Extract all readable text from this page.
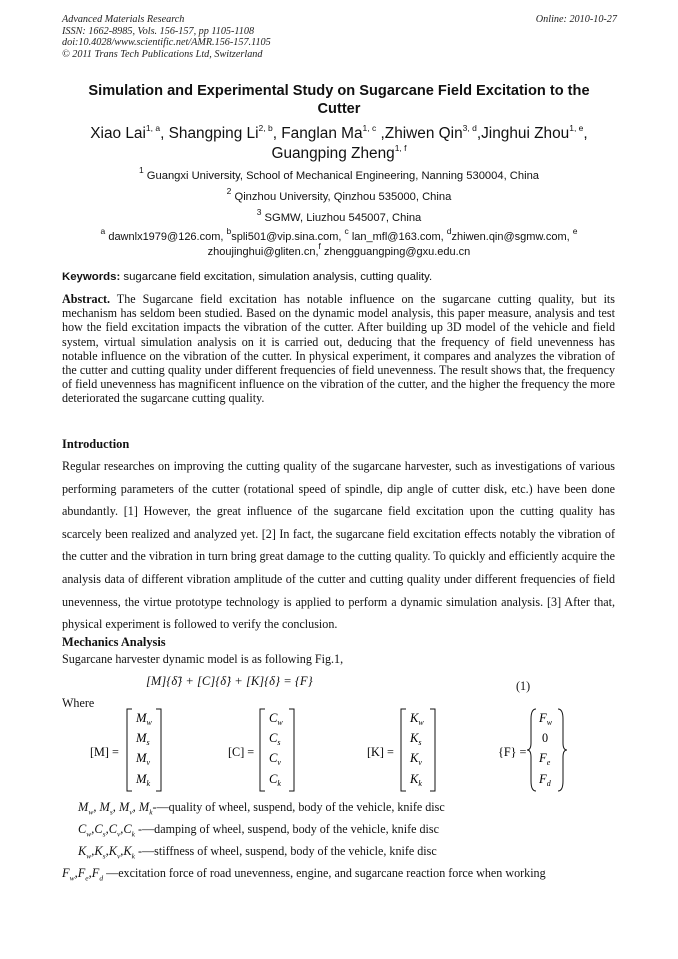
Advanced Materials Research
ISSN: 1662-8985, Vols. 156-157, pp 1105-1108
doi:10.4028/www.scientific.net/AMR.156-157.1105
© 2011 Trans Tech Publications Ltd, Switzerland
Online: 2010-10-27
Simulation and Experimental Study on Sugarcane Field Excitation to the
Cutter
Xiao Lai$^{1, a}$, Shangping Li$^{2, b}$, Fanglan Ma$^{1, c}$ ,Zhiwen Qin$^{3, d}$,Jinghui Zhou$^{1, e}$,
Guangping Zheng$^{1, f}$
$^1$ Guangxi University, School of Mechanical Engineering, Nanning 530004, China
$^2$ Qinzhou University, Qinzhou 535000, China
$^3$ SGMW, Liuzhou 545007, China
$^a$ dawnlx1979@126.com, $^b$spli501@vip.sina.com, $^c$ lan_mfl@163.com, $^d$zhiwen.qin@sgmw.com, $^e$
zhoujinghui@gliten.cn,$^f$ zhengguangping@gxu.edu.cn
Keywords: sugarcane field excitation, simulation analysis, cutting quality.
Abstract. The Sugarcane field excitation has notable influence on the sugarcane cutting quality, but its mechanism has seldom been studied. Based on the dynamic model analysis, this paper measure, analysis and test how the field excitation impacts the vibration of the cutter. After building up 3D model of the vehicle and field system, virtual simulation analysis on it is carried out, deducing that the frequency of field unevenness has notable influence on the vibration of the cutter. In physical experiment, it compares and analyzes the vibration of the cutter and cutting quality under different frequencies of field unevenness. The result shows that, the frequency of field unevenness has magnificent influence on the vibration of the cutter, and the higher the frequency the more deteriorated the sugarcane cutting quality.
Introduction
Regular researches on improving the cutting quality of the sugarcane harvester, such as investigations of various performing parameters of the cutter (rotational speed of spindle, dip angle of cutter disk, etc.) have been done abundantly. [1] However, the great influence of the sugarcane field excitation upon the cutting quality has scarcely been realized and analyzed yet. [2] In fact, the sugarcane field excitation effects notably the vibration of the cutter and the vibration in turn bring great damage to the cutting quality. To quickly and efficiently acquire the analysis data of different vibration amplitude of the cutter and cutting quality under different frequencies of field unevenness, the virtue prototype technology is applied to perform a dynamic simulation analysis. [3] After that, physical experiment is followed to verify the conclusion.
Mechanics Analysis
Sugarcane harvester dynamic model is as following Fig.1,
[M]{δ̈} + [C]{δ̇} + [K]{δ} = {F}	(1)
Where
[M] =
Mw
Ms
Mv
Mk
[C] =
Cw
Cs
Cv
Ck
[K] =
Kw
Ks
Kv
Kk
{F} =
Fw
0
Fe
Fd
$M_w$, $M_s$, $M_v$, $M_k-—quality$ of wheel, suspend, body of the vehicle, knife disc
$C_w,C_s,C_v,C_k$ -—damping of wheel, suspend, body of the vehicle, knife disc
$K_w,K_s,K_v,K_k$ -—stiffness of wheel, suspend, body of the vehicle, knife disc
$F_w,F_e,F_d$ —excitation force of road unevenness, engine, and sugarcane reaction force when working
